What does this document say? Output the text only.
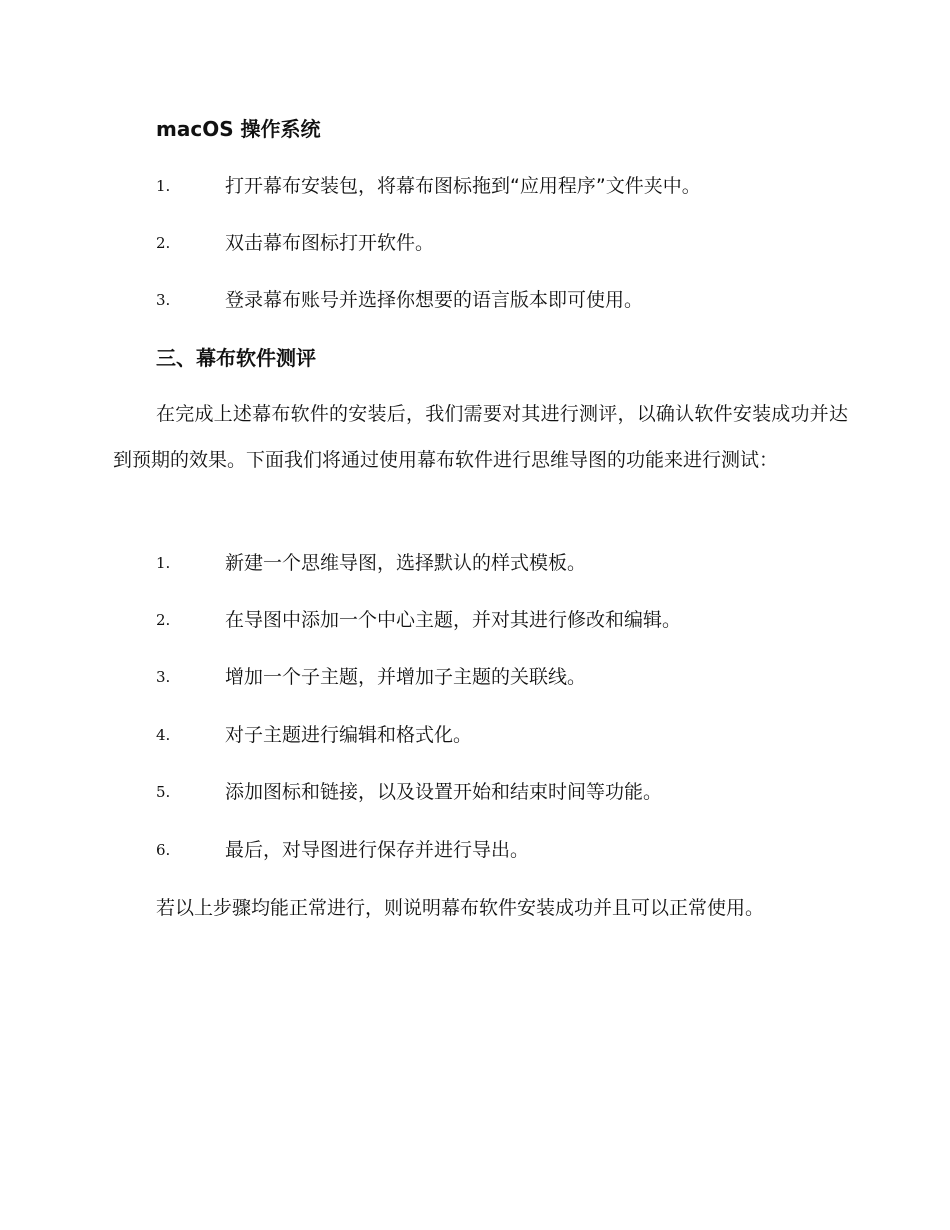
macOS 操作系统
1.	打开幕布安装包，将幕布图标拖到“应用程序”文件夹中。
2.	双击幕布图标打开软件。
3.	登录幕布账号并选择你想要的语言版本即可使用。
三、幕布软件测评

在完成上述幕布软件的安装后，我们需要对其进行测评，以确认软件安装成功并达到预期的效果。下面我们将通过使用幕布软件进行思维导图的功能来进行测试：

1.	新建一个思维导图，选择默认的样式模板。
2.	在导图中添加一个中心主题，并对其进行修改和编辑。
3.	增加一个子主题，并增加子主题的关联线。
4.	对子主题进行编辑和格式化。
5.	添加图标和链接，以及设置开始和结束时间等功能。
6.	最后，对导图进行保存并进行导出。

若以上步骤均能正常进行，则说明幕布软件安装成功并且可以正常使用。
